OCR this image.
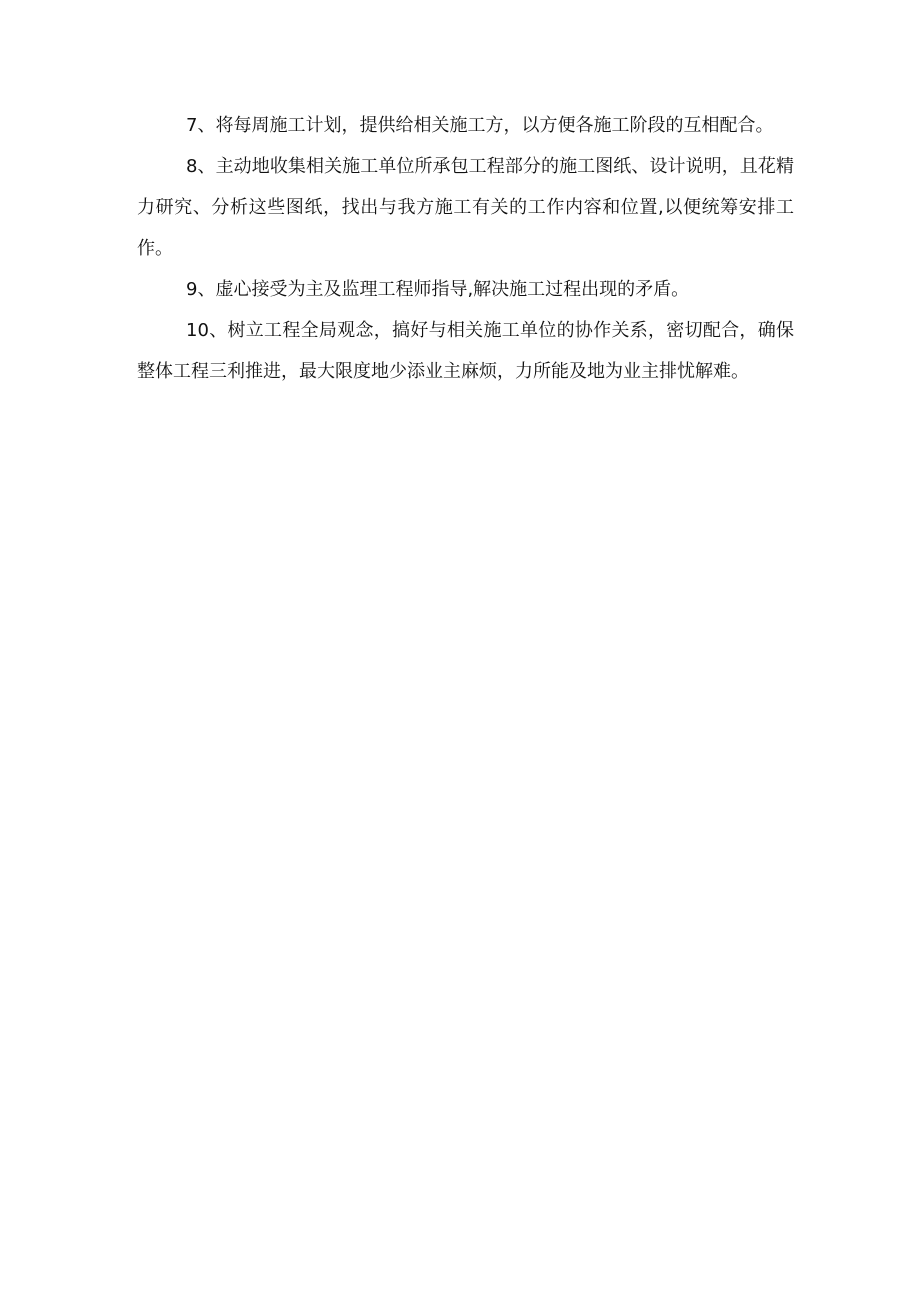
7、将每周施工计划，提供给相关施工方，以方便各施工阶段的互相配合。

8、主动地收集相关施工单位所承包工程部分的施工图纸、设计说明，且花精力研究、分析这些图纸，找出与我方施工有关的工作内容和位置,以便统筹安排工作。

9、虚心接受为主及监理工程师指导,解决施工过程出现的矛盾。

10、树立工程全局观念，搞好与相关施工单位的协作关系，密切配合，确保整体工程三利推进，最大限度地少添业主麻烦，力所能及地为业主排忧解难。
